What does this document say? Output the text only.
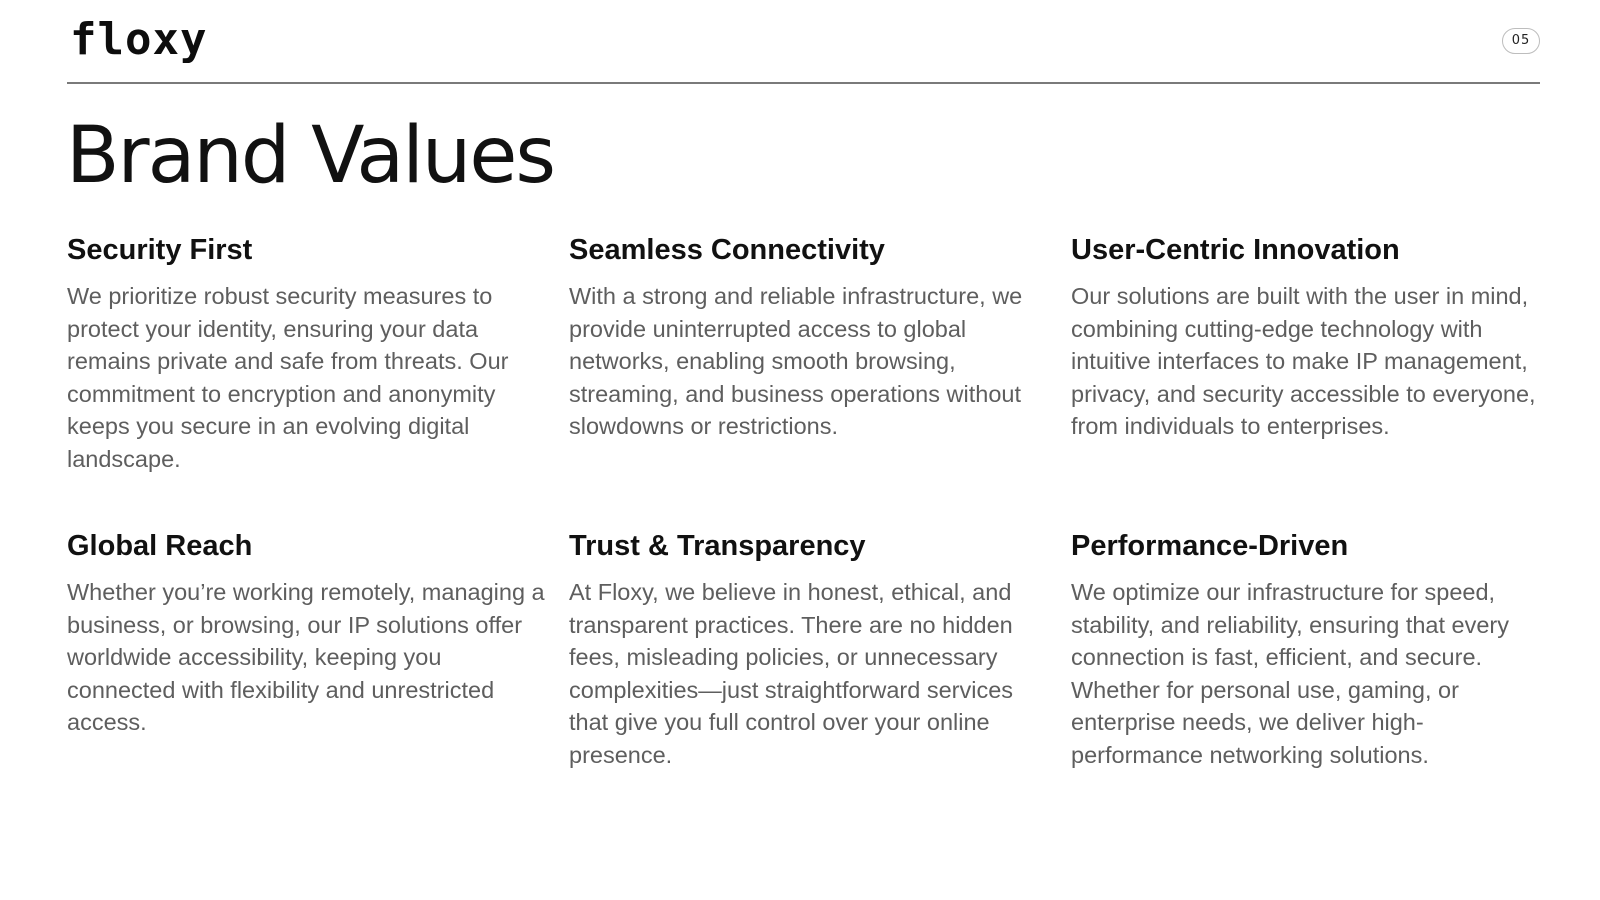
floxy	05
Brand Values
Security First

We prioritize robust security measures to protect your identity, ensuring your data remains private and safe from threats. Our commitment to encryption and anonymity keeps you secure in an evolving digital landscape.

Seamless Connectivity

With a strong and reliable infrastructure, we provide uninterrupted access to global networks, enabling smooth browsing, streaming, and business operations without slowdowns or restrictions.

User-Centric Innovation

Our solutions are built with the user in mind, combining cutting-edge technology with intuitive interfaces to make IP management, privacy, and security accessible to everyone, from individuals to enterprises.

Global Reach

Whether you’re working remotely, managing a business, or browsing, our IP solutions offer worldwide accessibility, keeping you connected with flexibility and unrestricted access.

Trust & Transparency

At Floxy, we believe in honest, ethical, and transparent practices. There are no hidden fees, misleading policies, or unnecessary complexities—just straightforward services that give you full control over your online presence.

Performance-Driven

We optimize our infrastructure for speed, stability, and reliability, ensuring that every connection is fast, efficient, and secure. Whether for personal use, gaming, or enterprise needs, we deliver high-performance networking solutions.
